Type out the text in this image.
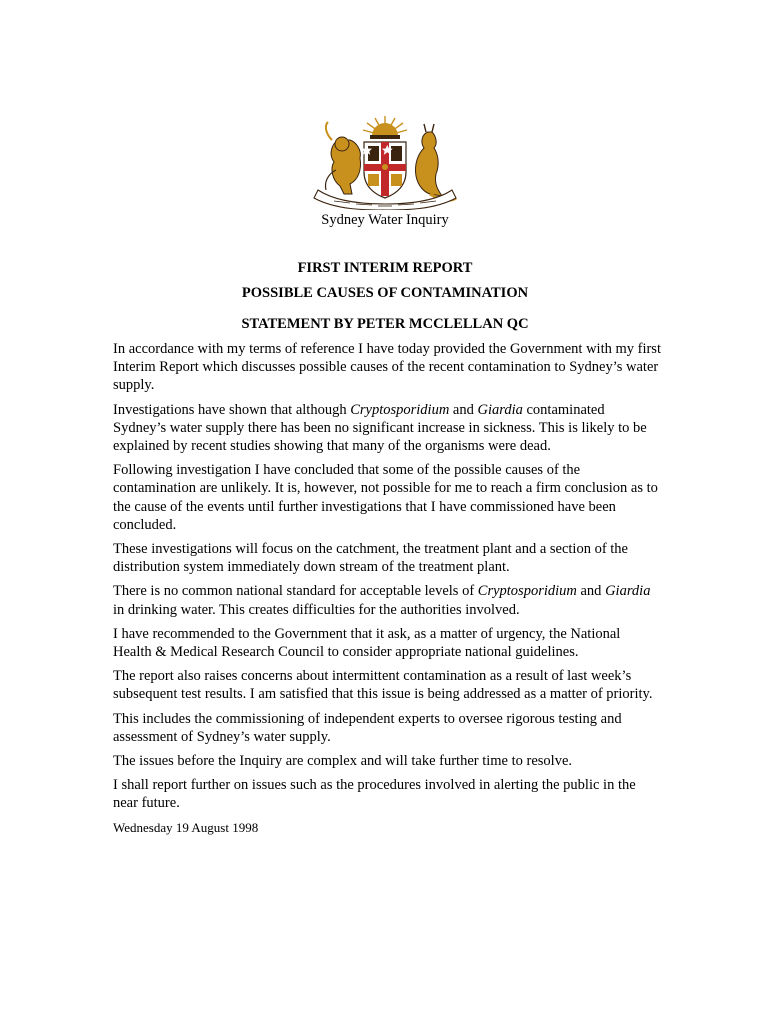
Sydney Water Inquiry
FIRST INTERIM REPORT
POSSIBLE CAUSES OF CONTAMINATION
STATEMENT BY PETER MCCLELLAN QC

In accordance with my terms of reference I have today provided the Government with my first Interim Report which discusses possible causes of the recent contamination to Sydney’s water supply.

Investigations have shown that although Cryptosporidium and Giardia contaminated Sydney’s water supply there has been no significant increase in sickness. This is likely to be explained by recent studies showing that many of the organisms were dead.

Following investigation I have concluded that some of the possible causes of the contamination are unlikely. It is, however, not possible for me to reach a firm conclusion as to the cause of the events until further investigations that I have commissioned have been concluded.

These investigations will focus on the catchment, the treatment plant and a section of the distribution system immediately down stream of the treatment plant.

There is no common national standard for acceptable levels of Cryptosporidium and Giardia in drinking water. This creates difficulties for the authorities involved.

I have recommended to the Government that it ask, as a matter of urgency, the National Health & Medical Research Council to consider appropriate national guidelines.

The report also raises concerns about intermittent contamination as a result of last week’s subsequent test results. I am satisfied that this issue is being addressed as a matter of priority.

This includes the commissioning of independent experts to oversee rigorous testing and assessment of Sydney’s water supply.

The issues before the Inquiry are complex and will take further time to resolve.

I shall report further on issues such as the procedures involved in alerting the public in the near future.

Wednesday 19 August 1998
